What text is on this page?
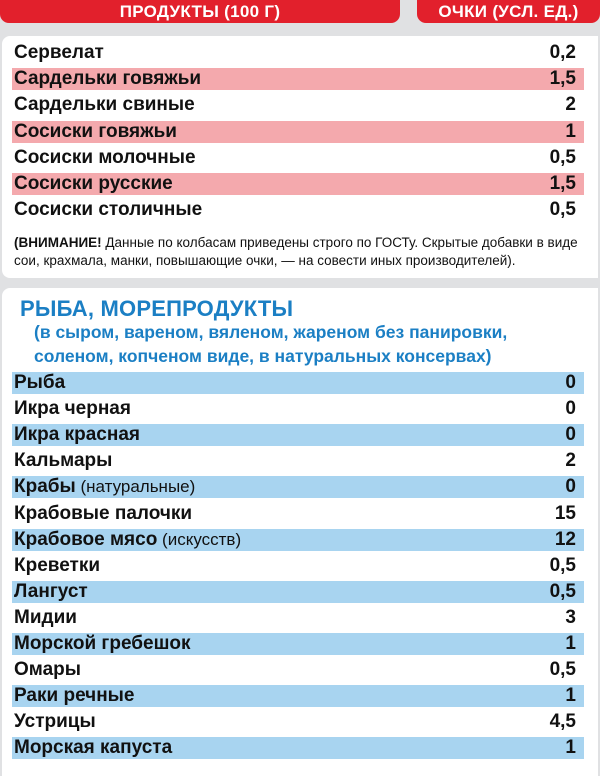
ПРОДУКТЫ (100 Г)	ОЧКИ (УСЛ. ЕД.)
Сервелат	0,2
Сардельки говяжьи	1,5
Сардельки свиные	2
Сосиски говяжьи	1
Сосиски молочные	0,5
Сосиски русские	1,5
Сосиски столичные	0,5
(ВНИМАНИЕ! Данные по колбасам приведены строго по ГОСТу. Скрытые добавки в виде сои, крахмала, манки, повышающие очки, — на совести иных производителей).
РЫБА, МОРЕПРОДУКТЫ
(в сыром, вареном, вяленом, жареном без панировки,
соленом, копченом виде, в натуральных консервах)
Рыба	0
Икра черная	0
Икра красная	0
Кальмары	2
Крабы (натуральные)	0
Крабовые палочки	15
Крабовое мясо (искусств)	12
Креветки	0,5
Лангуст	0,5
Мидии	3
Морской гребешок	1
Омары	0,5
Раки речные	1
Устрицы	4,5
Морская капуста	1
